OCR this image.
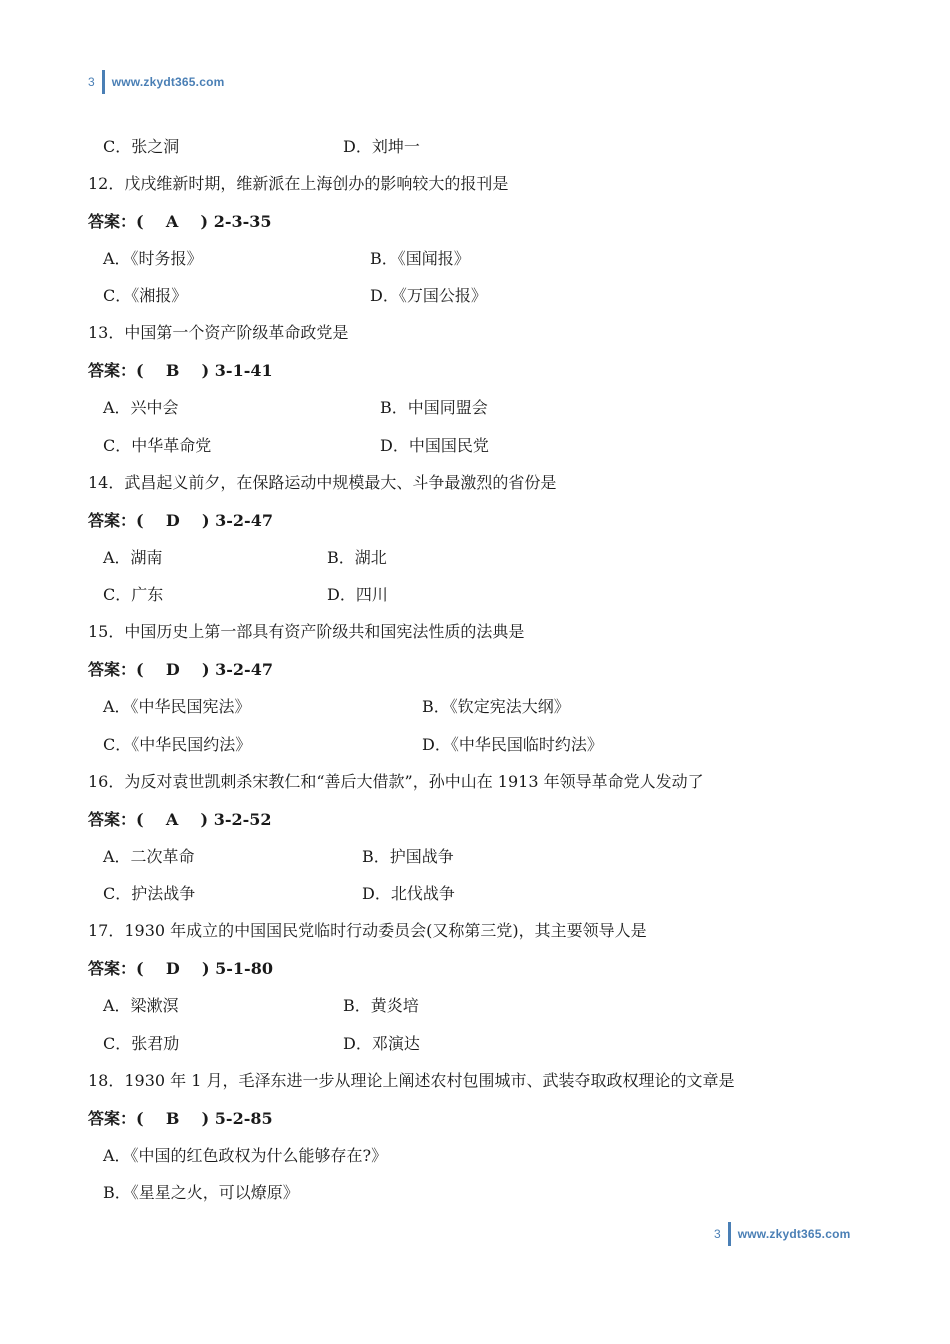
3 www.zkydt365.com
C．张之洞	D．刘坤一
12．戊戌维新时期，维新派在上海创办的影响较大的报刊是
答案：(    A    ) 2-3-35
A．《时务报》	B．《国闻报》
C．《湘报》	D．《万国公报》
13．中国第一个资产阶级革命政党是
答案：(    B    ) 3-1-41
A．兴中会	B．中国同盟会
C．中华革命党	D．中国国民党
14．武昌起义前夕，在保路运动中规模最大、斗争最激烈的省份是
答案：(    D    ) 3-2-47
A．湖南	B．湖北
C．广东	D．四川
15．中国历史上第一部具有资产阶级共和国宪法性质的法典是
答案：(    D    ) 3-2-47
A．《中华民国宪法》	B．《钦定宪法大纲》
C．《中华民国约法》	D．《中华民国临时约法》
16．为反对袁世凯刺杀宋教仁和“善后大借款”，孙中山在 1913 年领导革命党人发动了
答案：(    A    ) 3-2-52
A．二次革命	B．护国战争
C．护法战争	D．北伐战争
17．1930 年成立的中国国民党临时行动委员会(又称第三党)，其主要领导人是
答案：(    D    ) 5-1-80
A．梁漱溟	B．黄炎培
C．张君劢	D．邓演达
18．1930 年 1 月，毛泽东进一步从理论上阐述农村包围城市、武装夺取政权理论的文章是
答案：(    B    ) 5-2-85
A．《中国的红色政权为什么能够存在?》
B．《星星之火，可以燎原》
3 www.zkydt365.com
